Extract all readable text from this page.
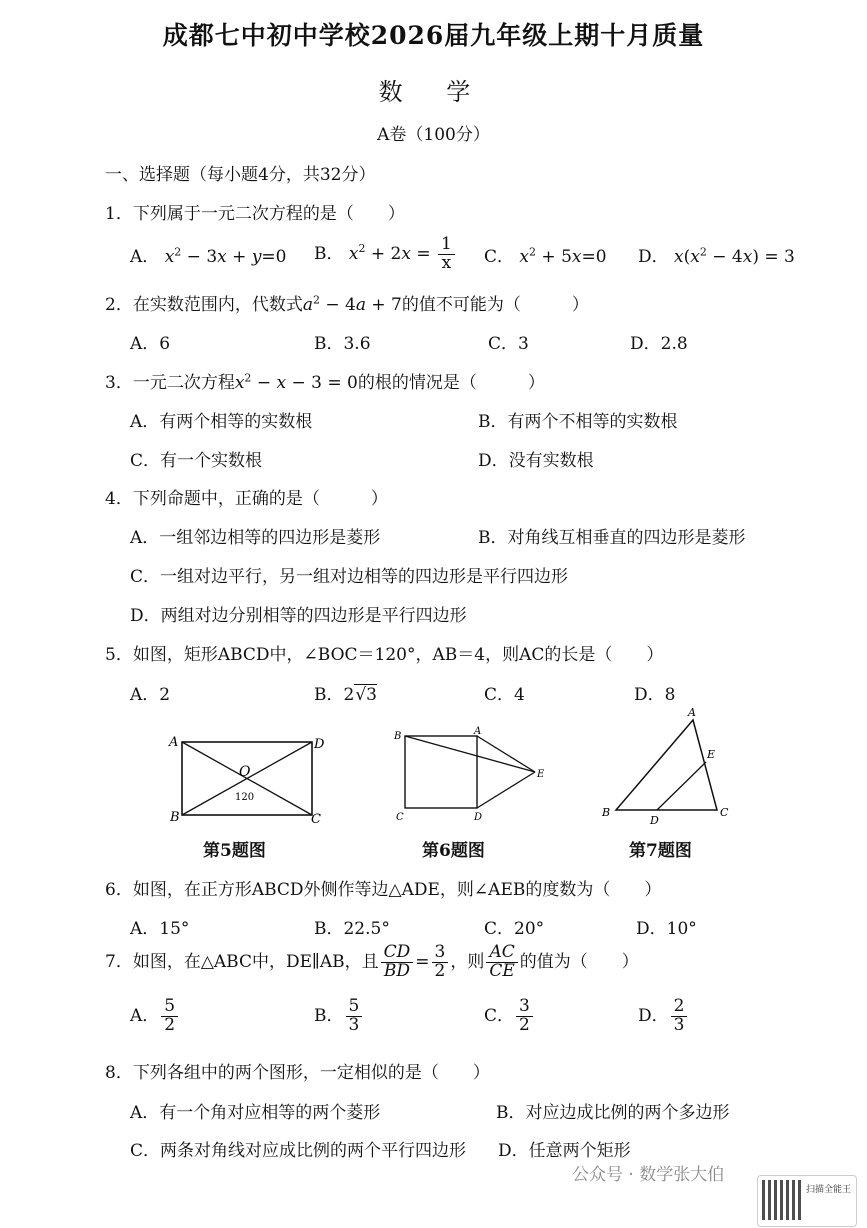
成都七中初中学校2026届九年级上期十月质量
数 学
A卷（100分）
一、选择题（每小题4分，共32分）
1．下列属于一元二次方程的是（　　）
A． $x^2 - 3x + y=0$ B． $x^2 + 2x = \frac{1}{x}$ C． $x^2 + 5x=0$ D． $x(x^2 - 4x) = 3$
2．在实数范围内，代数式$a^2 - 4a + 7$的值不可能为（　　　）
A．6	B．3.6	C．3	D．2.8
3．一元二次方程$x^2 - x - 3 = 0$的根的情况是（　　　）
A．有两个相等的实数根	B．有两个不相等的实数根
C．有一个实数根	D．没有实数根
4．下列命题中，正确的是（　　　）
A．一组邻边相等的四边形是菱形	B．对角线互相垂直的四边形是菱形
C．一组对边平行，另一组对边相等的四边形是平行四边形
D．两组对边分别相等的四边形是平行四边形
5．如图，矩形ABCD中，∠BOC＝120°，AB＝4，则AC的长是（　　）
A．2	B．2√3	C．4	D．8
A	D
B	C
O
120
第5题图
B	A
E
C	D
第6题图
A
B	C
E
D
第7题图
6．如图，在正方形ABCD外侧作等边△ADE，则∠AEB的度数为（　　）
A．15°	B．22.5°	C．20°	D．10°
7．如图，在△ABC中，DE∥AB，且 $\frac{CD}{BD} = \frac{3}{2}$ ，则 $\frac{AC}{CE}$ 的值为（　　）
A． $\frac{5}{2}$	B． $\frac{5}{3}$	C． $\frac{3}{2}$	D． $\frac{2}{3}$
8．下列各组中的两个图形，一定相似的是（　　）
A．有一个角对应相等的两个菱形	B．对应边成比例的两个多边形
C．两条对角线对应成比例的两个平行四边形 D．任意两个矩形
公众号 · 数学张大伯
扫描全能王
